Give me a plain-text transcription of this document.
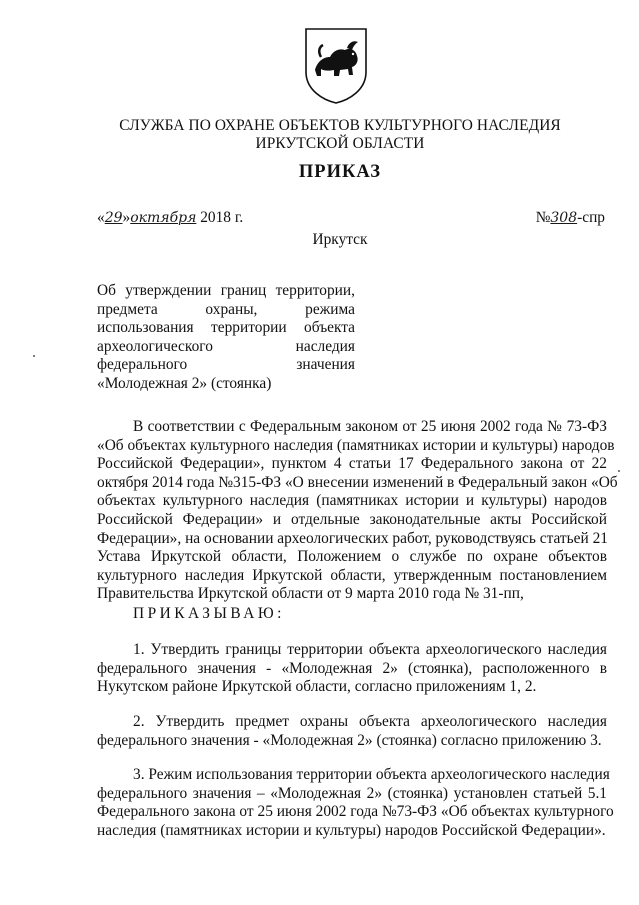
СЛУЖБА ПО ОХРАНЕ ОБЪЕКТОВ КУЛЬТУРНОГО НАСЛЕДИЯ
ИРКУТСКОЙ ОБЛАСТИ
ПРИКАЗ
«29»октября 2018 г.	№308-спр
Иркутск
Об утверждении границ территории,
предмета охраны, режима
использования территории объекта
археологического наследия
федерального значения
«Молодежная 2» (стоянка)
В соответствии с Федеральным законом от 25 июня 2002 года № 73-ФЗ
«Об объектах культурного наследия (памятниках истории и культуры) народов
Российской Федерации», пунктом 4 статьи 17 Федерального закона от 22
октября 2014 года №315-ФЗ «О внесении изменений в Федеральный закон «Об
объектах культурного наследия (памятниках истории и культуры) народов
Российской Федерации» и отдельные законодательные акты Российской
Федерации», на основании археологических работ, руководствуясь статьей 21
Устава Иркутской области, Положением о службе по охране объектов
культурного наследия Иркутской области, утвержденным постановлением
Правительства Иркутской области от 9 марта 2010 года № 31-пп,
ПРИКАЗЫВАЮ:
1. Утвердить границы территории объекта археологического наследия
федерального значения - «Молодежная 2» (стоянка), расположенного в
Нукутском районе Иркутской области, согласно приложениям 1, 2.
2. Утвердить предмет охраны объекта археологического наследия
федерального значения - «Молодежная 2» (стоянка) согласно приложению 3.
3. Режим использования территории объекта археологического наследия
федерального значения – «Молодежная 2» (стоянка) установлен статьей 5.1
Федерального закона от 25 июня 2002 года №73-ФЗ «Об объектах культурного
наследия (памятниках истории и культуры) народов Российской Федерации».
